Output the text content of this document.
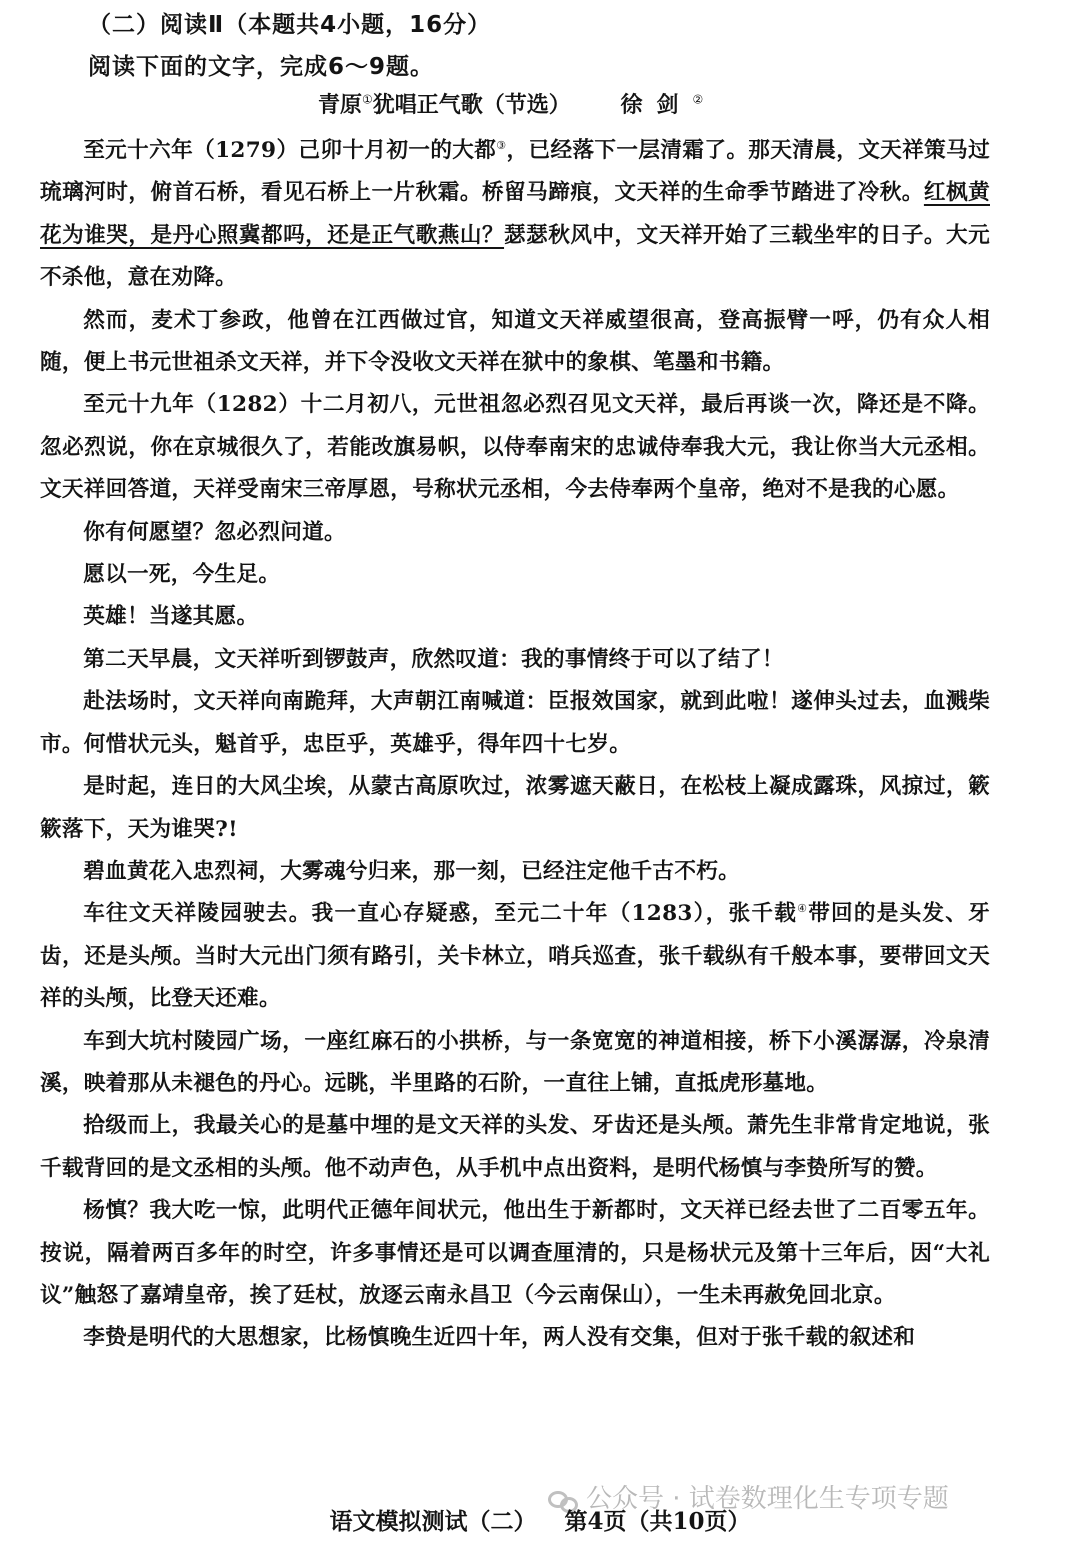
（二）阅读Ⅱ（本题共4小题，16分）
阅读下面的文字，完成6～9题。
青原①犹唱正气歌（节选） 徐剑②

至元十六年（1279）己卯十月初一的大都③，已经落下一层清霜了。那天清晨，文天祥策马过琉璃河时，俯首石桥，看见石桥上一片秋霜。桥留马蹄痕，文天祥的生命季节踏进了冷秋。红枫黄花为谁哭，是丹心照冀都吗，还是正气歌燕山？瑟瑟秋风中，文天祥开始了三载坐牢的日子。大元不杀他，意在劝降。

然而，麦术丁参政，他曾在江西做过官，知道文天祥威望很高，登高振臂一呼，仍有众人相随，便上书元世祖杀文天祥，并下令没收文天祥在狱中的象棋、笔墨和书籍。

至元十九年（1282）十二月初八，元世祖忽必烈召见文天祥，最后再谈一次，降还是不降。忽必烈说，你在京城很久了，若能改旗易帜，以侍奉南宋的忠诚侍奉我大元，我让你当大元丞相。文天祥回答道，天祥受南宋三帝厚恩，号称状元丞相，今去侍奉两个皇帝，绝对不是我的心愿。

你有何愿望？忽必烈问道。

愿以一死，今生足。

英雄！当遂其愿。

第二天早晨，文天祥听到锣鼓声，欣然叹道：我的事情终于可以了结了！

赴法场时，文天祥向南跪拜，大声朝江南喊道：臣报效国家，就到此啦！遂伸头过去，血溅柴市。何惜状元头，魁首乎，忠臣乎，英雄乎，得年四十七岁。

是时起，连日的大风尘埃，从蒙古高原吹过，浓雾遮天蔽日，在松枝上凝成露珠，风掠过，簌簌落下，天为谁哭?!

碧血黄花入忠烈祠，大雾魂兮归来，那一刻，已经注定他千古不朽。

车往文天祥陵园驶去。我一直心存疑惑，至元二十年（1283），张千载④带回的是头发、牙齿，还是头颅。当时大元出门须有路引，关卡林立，哨兵巡查，张千载纵有千般本事，要带回文天祥的头颅，比登天还难。

车到大坑村陵园广场，一座红麻石的小拱桥，与一条宽宽的神道相接，桥下小溪潺潺，冷泉清溪，映着那从未褪色的丹心。远眺，半里路的石阶，一直往上铺，直抵虎形墓地。

拾级而上，我最关心的是墓中埋的是文天祥的头发、牙齿还是头颅。萧先生非常肯定地说，张千载背回的是文丞相的头颅。他不动声色，从手机中点出资料，是明代杨慎与李贽所写的赞。

杨慎？我大吃一惊，此明代正德年间状元，他出生于新都时，文天祥已经去世了二百零五年。按说，隔着两百多年的时空，许多事情还是可以调查厘清的，只是杨状元及第十三年后，因“大礼议”触怒了嘉靖皇帝，挨了廷杖，放逐云南永昌卫（今云南保山），一生未再赦免回北京。

李贽是明代的大思想家，比杨慎晚生近四十年，两人没有交集，但对于张千载的叙述和

公众号 · 试卷数理化生专项专题
语文模拟测试（二） 第4页（共10页）
